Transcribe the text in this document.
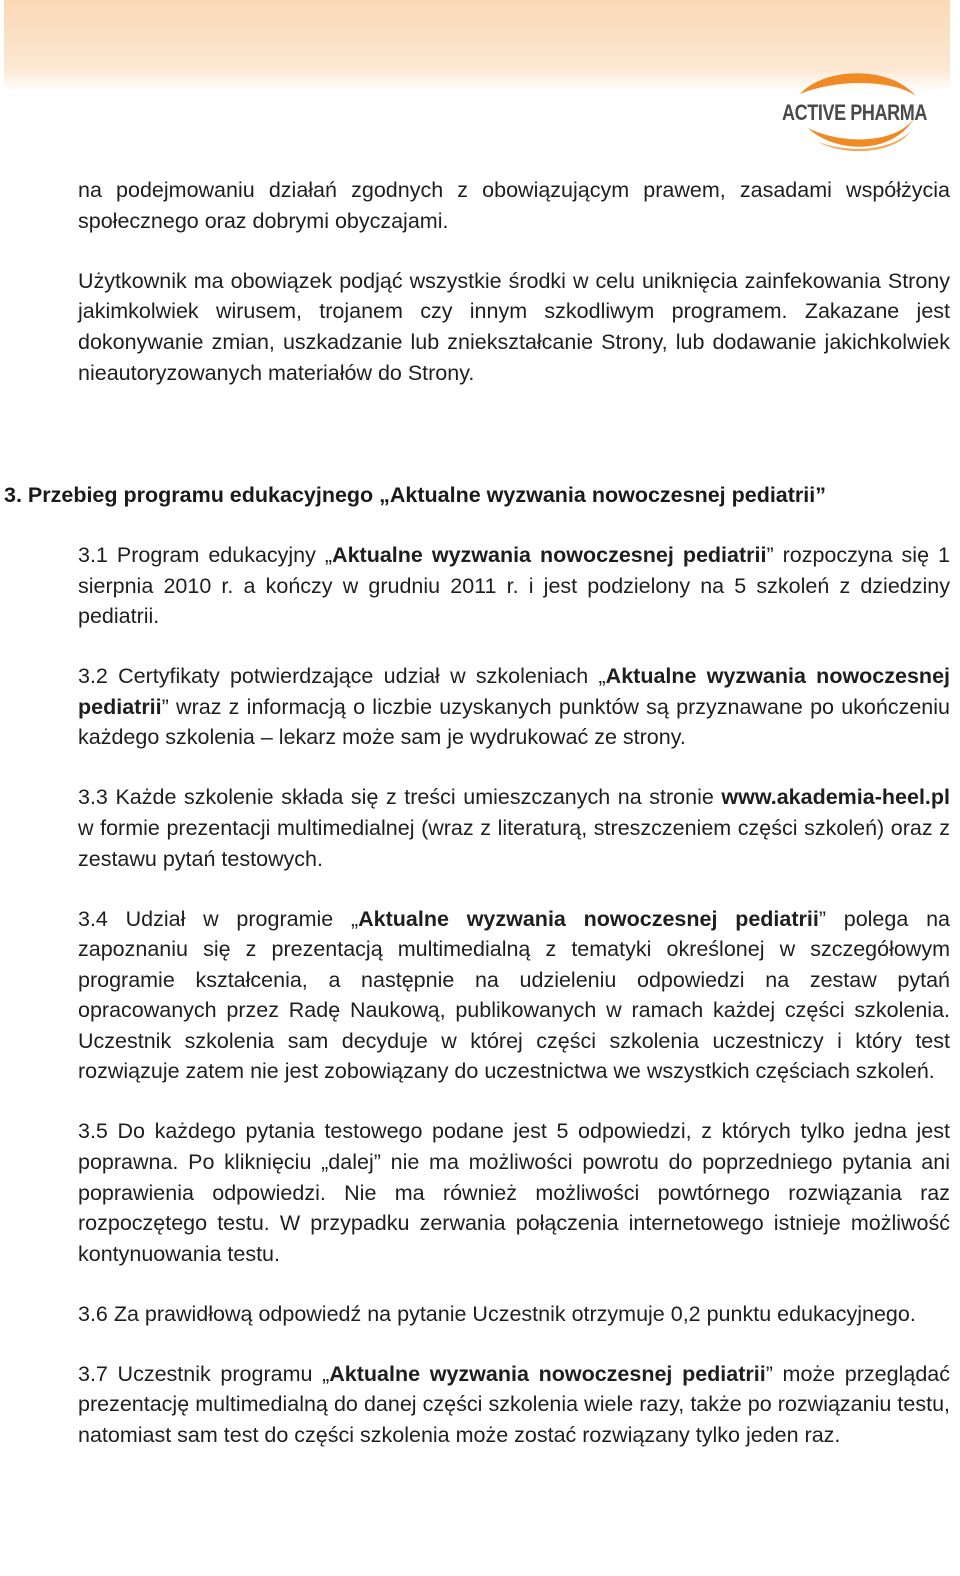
ACTIVE PHARMA

na podejmowaniu działań zgodnych z obowiązującym prawem, zasadami współżycia społecznego oraz dobrymi obyczajami.

Użytkownik ma obowiązek podjąć wszystkie środki w celu uniknięcia zainfekowania Strony jakimkolwiek wirusem, trojanem czy innym szkodliwym programem. Zakazane jest dokonywanie zmian, uszkadzanie lub zniekształcanie Strony, lub dodawanie jakichkolwiek nieautoryzowanych materiałów do Strony.

3. Przebieg programu edukacyjnego „Aktualne wyzwania nowoczesnej pediatrii”

3.1 Program edukacyjny „Aktualne wyzwania nowoczesnej pediatrii” rozpoczyna się 1 sierpnia 2010 r. a kończy w grudniu 2011 r. i jest podzielony na 5 szkoleń z dziedziny pediatrii.

3.2 Certyfikaty potwierdzające udział w szkoleniach „Aktualne wyzwania nowoczesnej pediatrii” wraz z informacją o liczbie uzyskanych punktów są przyznawane po ukończeniu każdego szkolenia – lekarz może sam je wydrukować ze strony.

3.3 Każde szkolenie składa się z treści umieszczanych na stronie www.akademia-heel.pl w formie prezentacji multimedialnej (wraz z literaturą, streszczeniem części szkoleń) oraz z zestawu pytań testowych.

3.4 Udział w programie „Aktualne wyzwania nowoczesnej pediatrii” polega na zapoznaniu się z prezentacją multimedialną z tematyki określonej w szczegółowym programie kształcenia, a następnie na udzieleniu odpowiedzi na zestaw pytań opracowanych przez Radę Naukową, publikowanych w ramach każdej części szkolenia. Uczestnik szkolenia sam decyduje w której części szkolenia uczestniczy i który test rozwiązuje zatem nie jest zobowiązany do uczestnictwa we wszystkich częściach szkoleń.

3.5 Do każdego pytania testowego podane jest 5 odpowiedzi, z których tylko jedna jest poprawna. Po kliknięciu „dalej” nie ma możliwości powrotu do poprzedniego pytania ani poprawienia odpowiedzi. Nie ma również możliwości powtórnego rozwiązania raz rozpoczętego testu. W przypadku zerwania połączenia internetowego istnieje możliwość kontynuowania testu.

3.6 Za prawidłową odpowiedź na pytanie Uczestnik otrzymuje 0,2 punktu edukacyjnego.

3.7 Uczestnik programu „Aktualne wyzwania nowoczesnej pediatrii” może przeglądać prezentację multimedialną do danej części szkolenia wiele razy, także po rozwiązaniu testu, natomiast sam test do części szkolenia może zostać rozwiązany tylko jeden raz.
